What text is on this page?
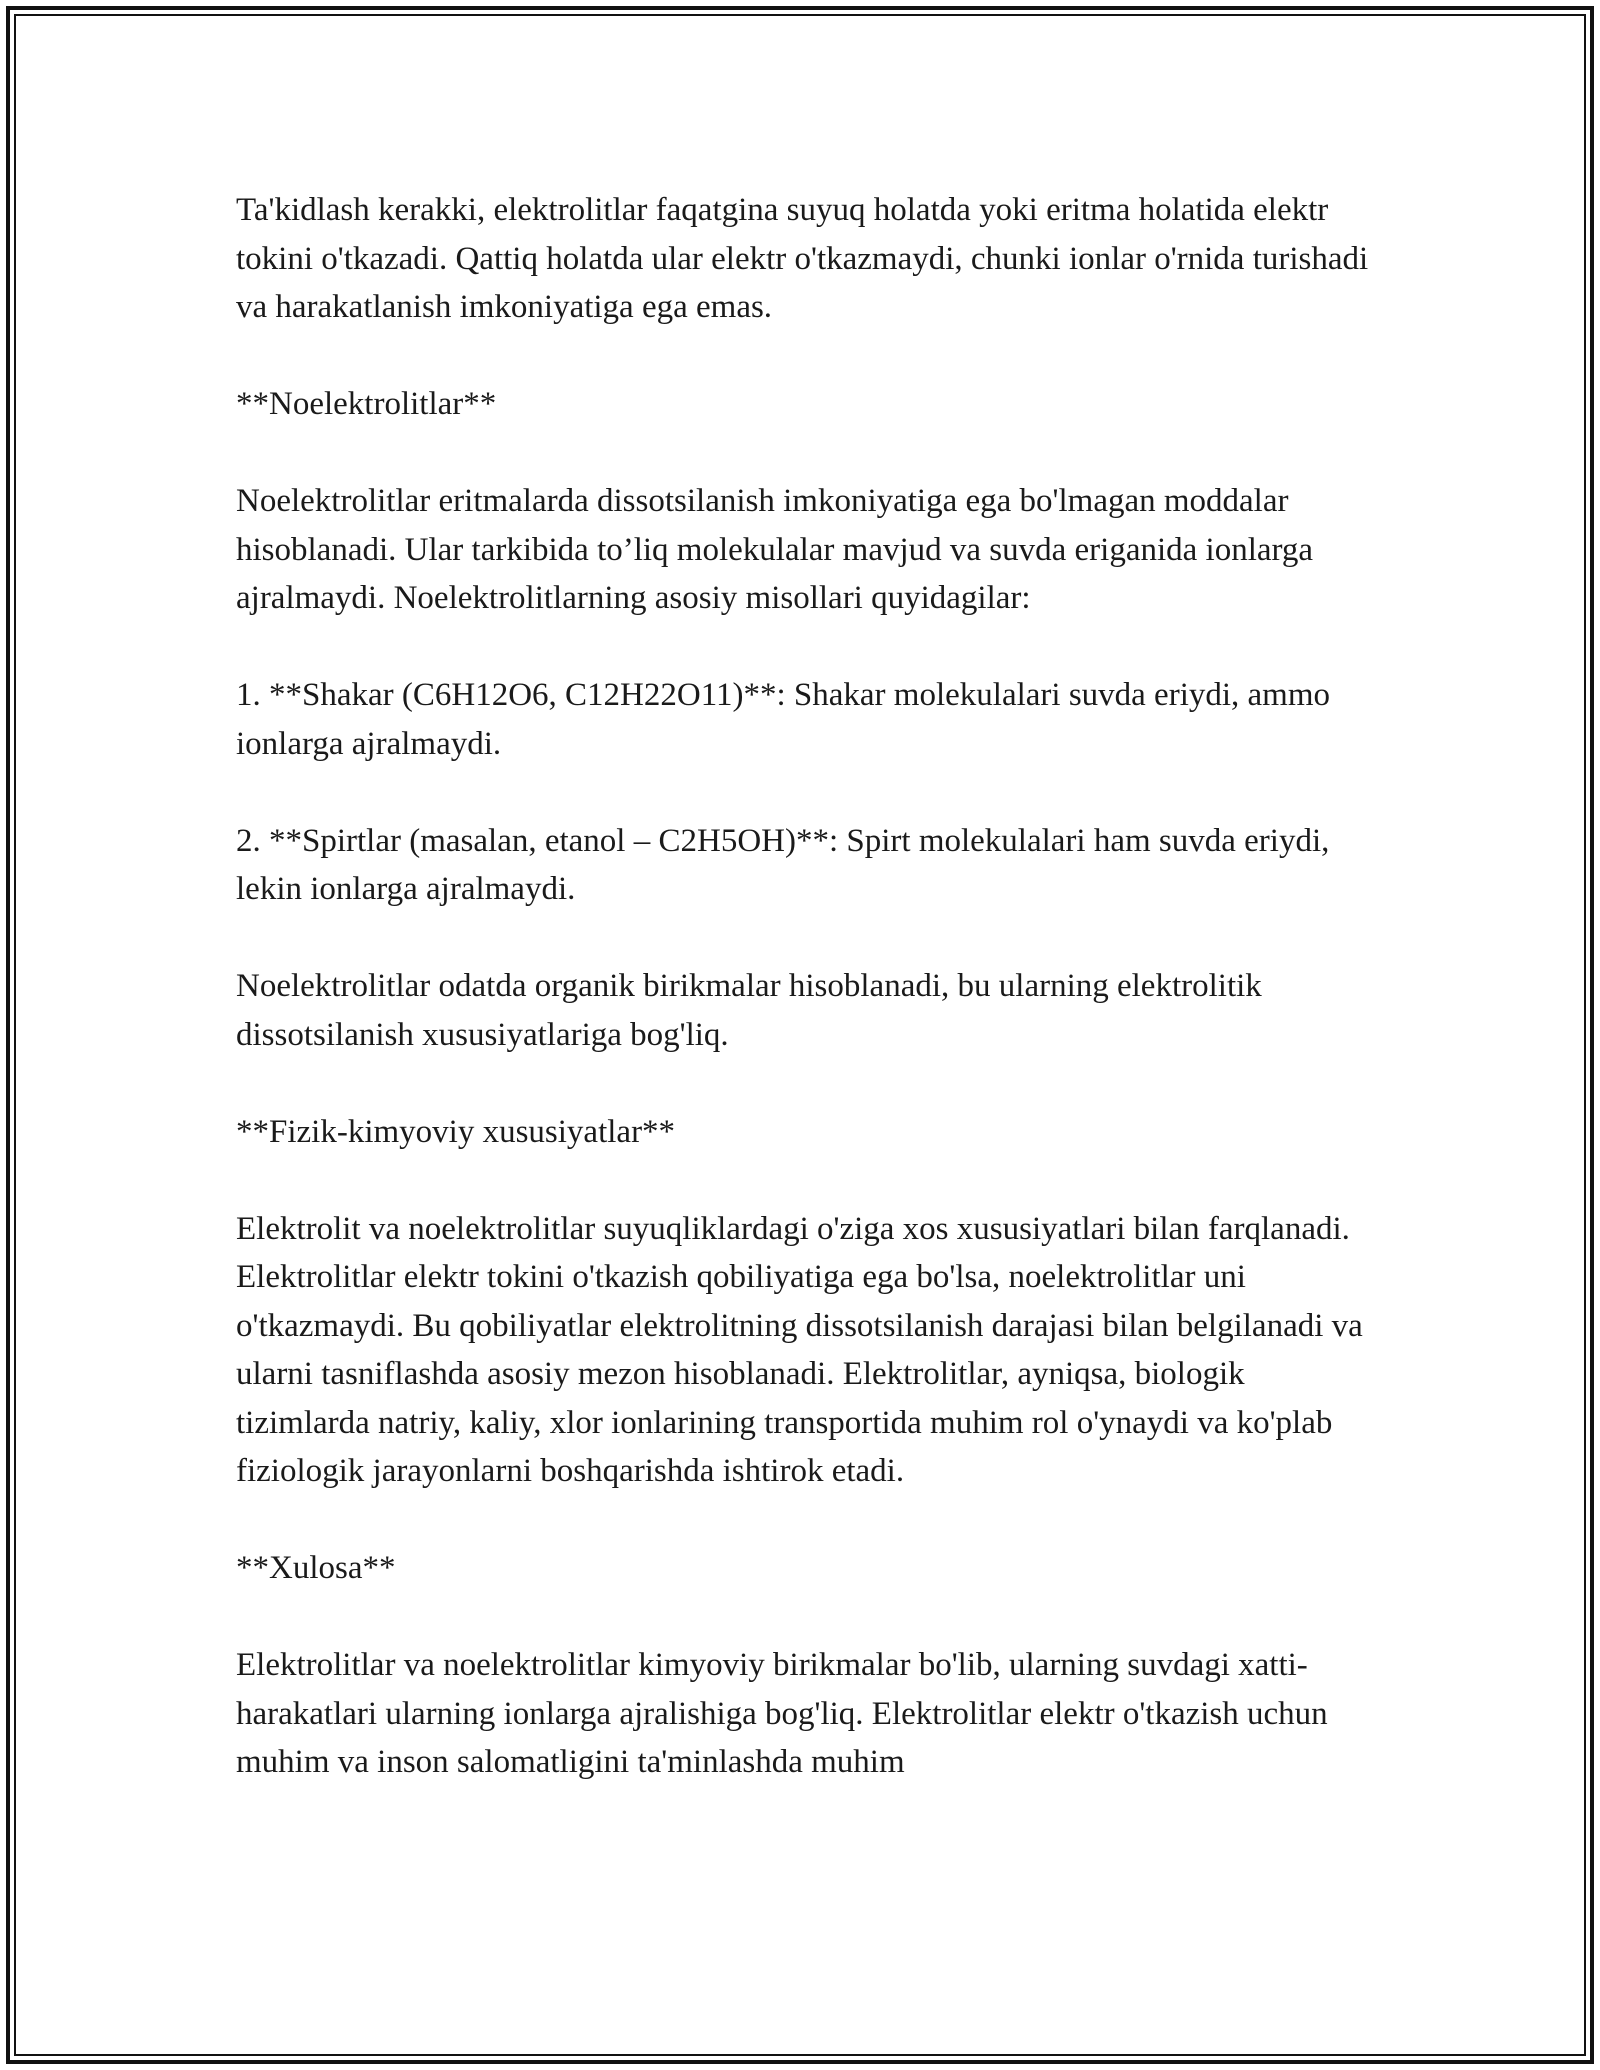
Ta'kidlash kerakki, elektrolitlar faqatgina suyuq holatda yoki eritma holatida elektr tokini o'tkazadi. Qattiq holatda ular elektr o'tkazmaydi, chunki ionlar o'rnida turishadi va harakatlanish imkoniyatiga ega emas.

**Noelektrolitlar**

Noelektrolitlar eritmalarda dissotsilanish imkoniyatiga ega bo'lmagan moddalar hisoblanadi. Ular tarkibida to’liq molekulalar mavjud va suvda eriganida ionlarga ajralmaydi. Noelektrolitlarning asosiy misollari quyidagilar:

1. **Shakar (C6H12O6, C12H22O11)**: Shakar molekulalari suvda eriydi, ammo ionlarga ajralmaydi.

2. **Spirtlar (masalan, etanol – C2H5OH)**: Spirt molekulalari ham suvda eriydi, lekin ionlarga ajralmaydi.

Noelektrolitlar odatda organik birikmalar hisoblanadi, bu ularning elektrolitik dissotsilanish xususiyatlariga bog'liq.

**Fizik-kimyoviy xususiyatlar**

Elektrolit va noelektrolitlar suyuqliklardagi o'ziga xos xususiyatlari bilan farqlanadi. Elektrolitlar elektr tokini o'tkazish qobiliyatiga ega bo'lsa, noelektrolitlar uni o'tkazmaydi. Bu qobiliyatlar elektrolitning dissotsilanish darajasi bilan belgilanadi va ularni tasniflashda asosiy mezon hisoblanadi. Elektrolitlar, ayniqsa, biologik tizimlarda natriy, kaliy, xlor ionlarining transportida muhim rol o'ynaydi va ko'plab fiziologik jarayonlarni boshqarishda ishtirok etadi.

**Xulosa**

Elektrolitlar va noelektrolitlar kimyoviy birikmalar bo'lib, ularning suvdagi xatti-harakatlari ularning ionlarga ajralishiga bog'liq. Elektrolitlar elektr o'tkazish uchun muhim va inson salomatligini ta'minlashda muhim
